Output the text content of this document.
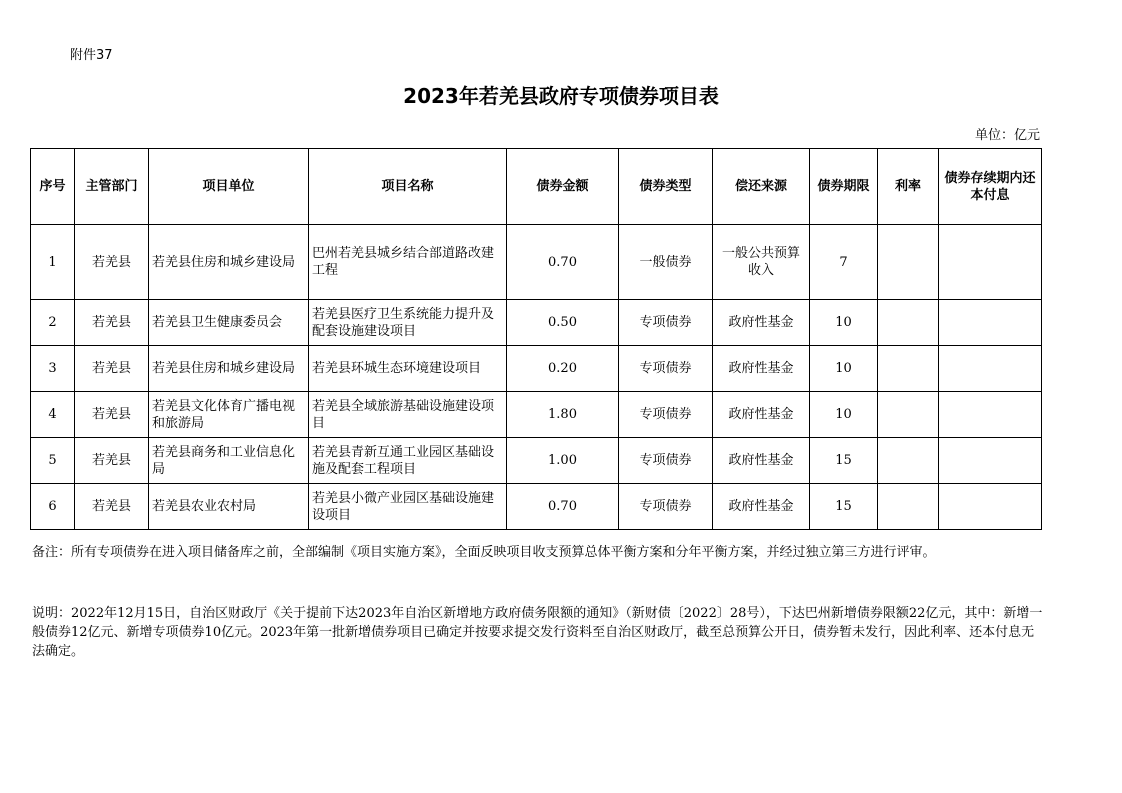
附件37
2023年若羌县政府专项债券项目表
单位：亿元
序号	主管部门	项目单位	项目名称	债券金额	债券类型	偿还来源	债券期限	利率	债券存续期内还本付息
1	若羌县	若羌县住房和城乡建设局	巴州若羌县城乡结合部道路改建工程	0.70	一般债券	一般公共预算收入	7		
2	若羌县	若羌县卫生健康委员会	若羌县医疗卫生系统能力提升及配套设施建设项目	0.50	专项债券	政府性基金	10		
3	若羌县	若羌县住房和城乡建设局	若羌县环城生态环境建设项目	0.20	专项债券	政府性基金	10		
4	若羌县	若羌县文化体育广播电视和旅游局	若羌县全域旅游基础设施建设项目	1.80	专项债券	政府性基金	10		
5	若羌县	若羌县商务和工业信息化局	若羌县青新互通工业园区基础设施及配套工程项目	1.00	专项债券	政府性基金	15		
6	若羌县	若羌县农业农村局	若羌县小微产业园区基础设施建设项目	0.70	专项债券	政府性基金	15		
备注：所有专项债券在进入项目储备库之前，全部编制《项目实施方案》，全面反映项目收支预算总体平衡方案和分年平衡方案，并经过独立第三方进行评审。
说明：2022年12月15日，自治区财政厅《关于提前下达2023年自治区新增地方政府债务限额的通知》（新财债〔2022〕28号），下达巴州新增债券限额22亿元，其中：新增一般债券12亿元、新增专项债券10亿元。2023年第一批新增债券项目已确定并按要求提交发行资料至自治区财政厅，截至总预算公开日，债券暂未发行，因此利率、还本付息无法确定。
